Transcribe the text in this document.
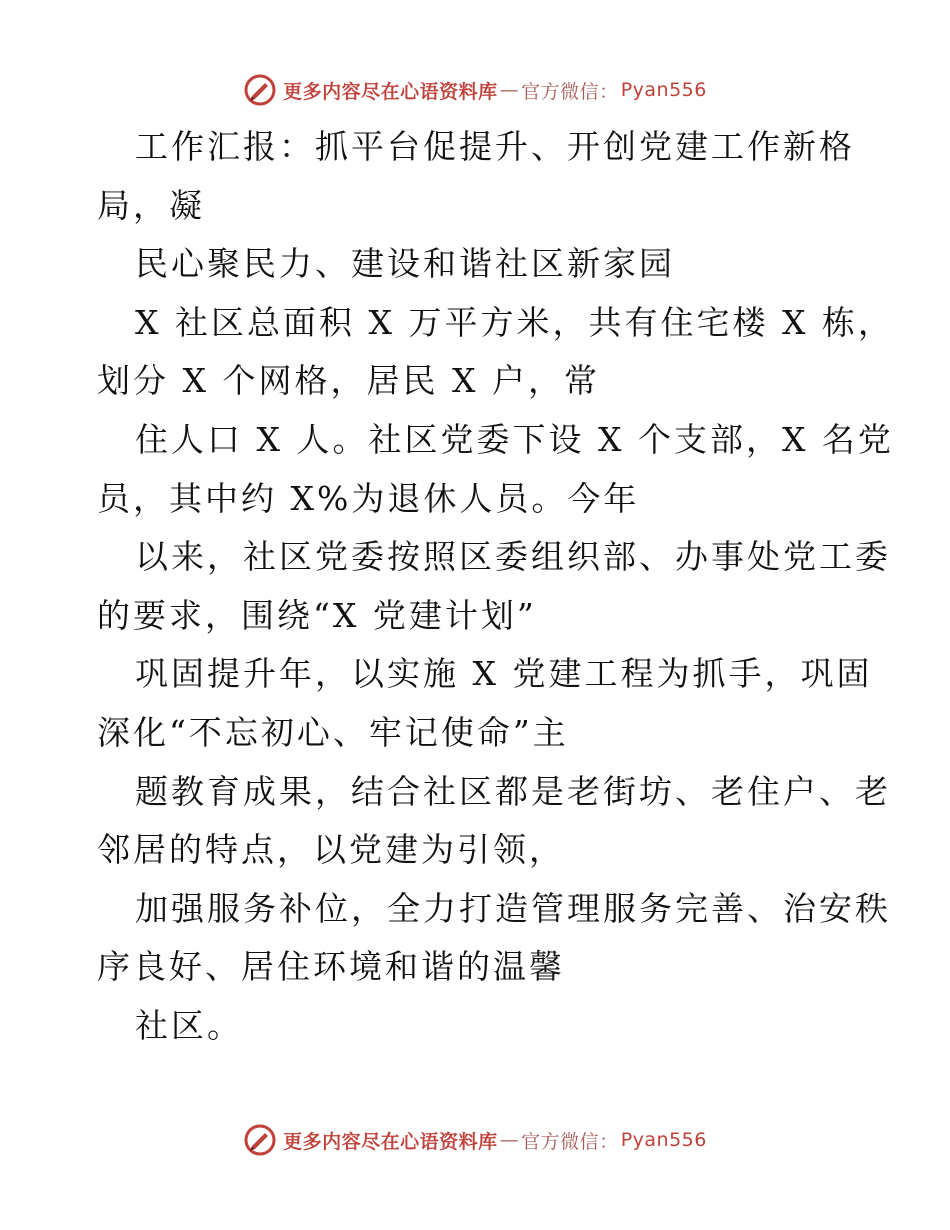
更多内容尽在心语资料库 — 官方微信： Pyan556
工作汇报：抓平台促提升、开创党建工作新格
局，凝
民心聚民力、建设和谐社区新家园
X 社区总面积 X 万平方米，共有住宅楼 X 栋，
划分 X 个网格，居民 X 户，常
住人口 X 人。社区党委下设 X 个支部，X 名党
员，其中约 X%为退休人员。今年
以来，社区党委按照区委组织部、办事处党工委
的要求，围绕“X 党建计划”
巩固提升年，以实施 X 党建工程为抓手，巩固
深化“不忘初心、牢记使命”主
题教育成果，结合社区都是老街坊、老住户、老
邻居的特点，以党建为引领，
加强服务补位，全力打造管理服务完善、治安秩
序良好、居住环境和谐的温馨
社区。
更多内容尽在心语资料库 — 官方微信： Pyan556
